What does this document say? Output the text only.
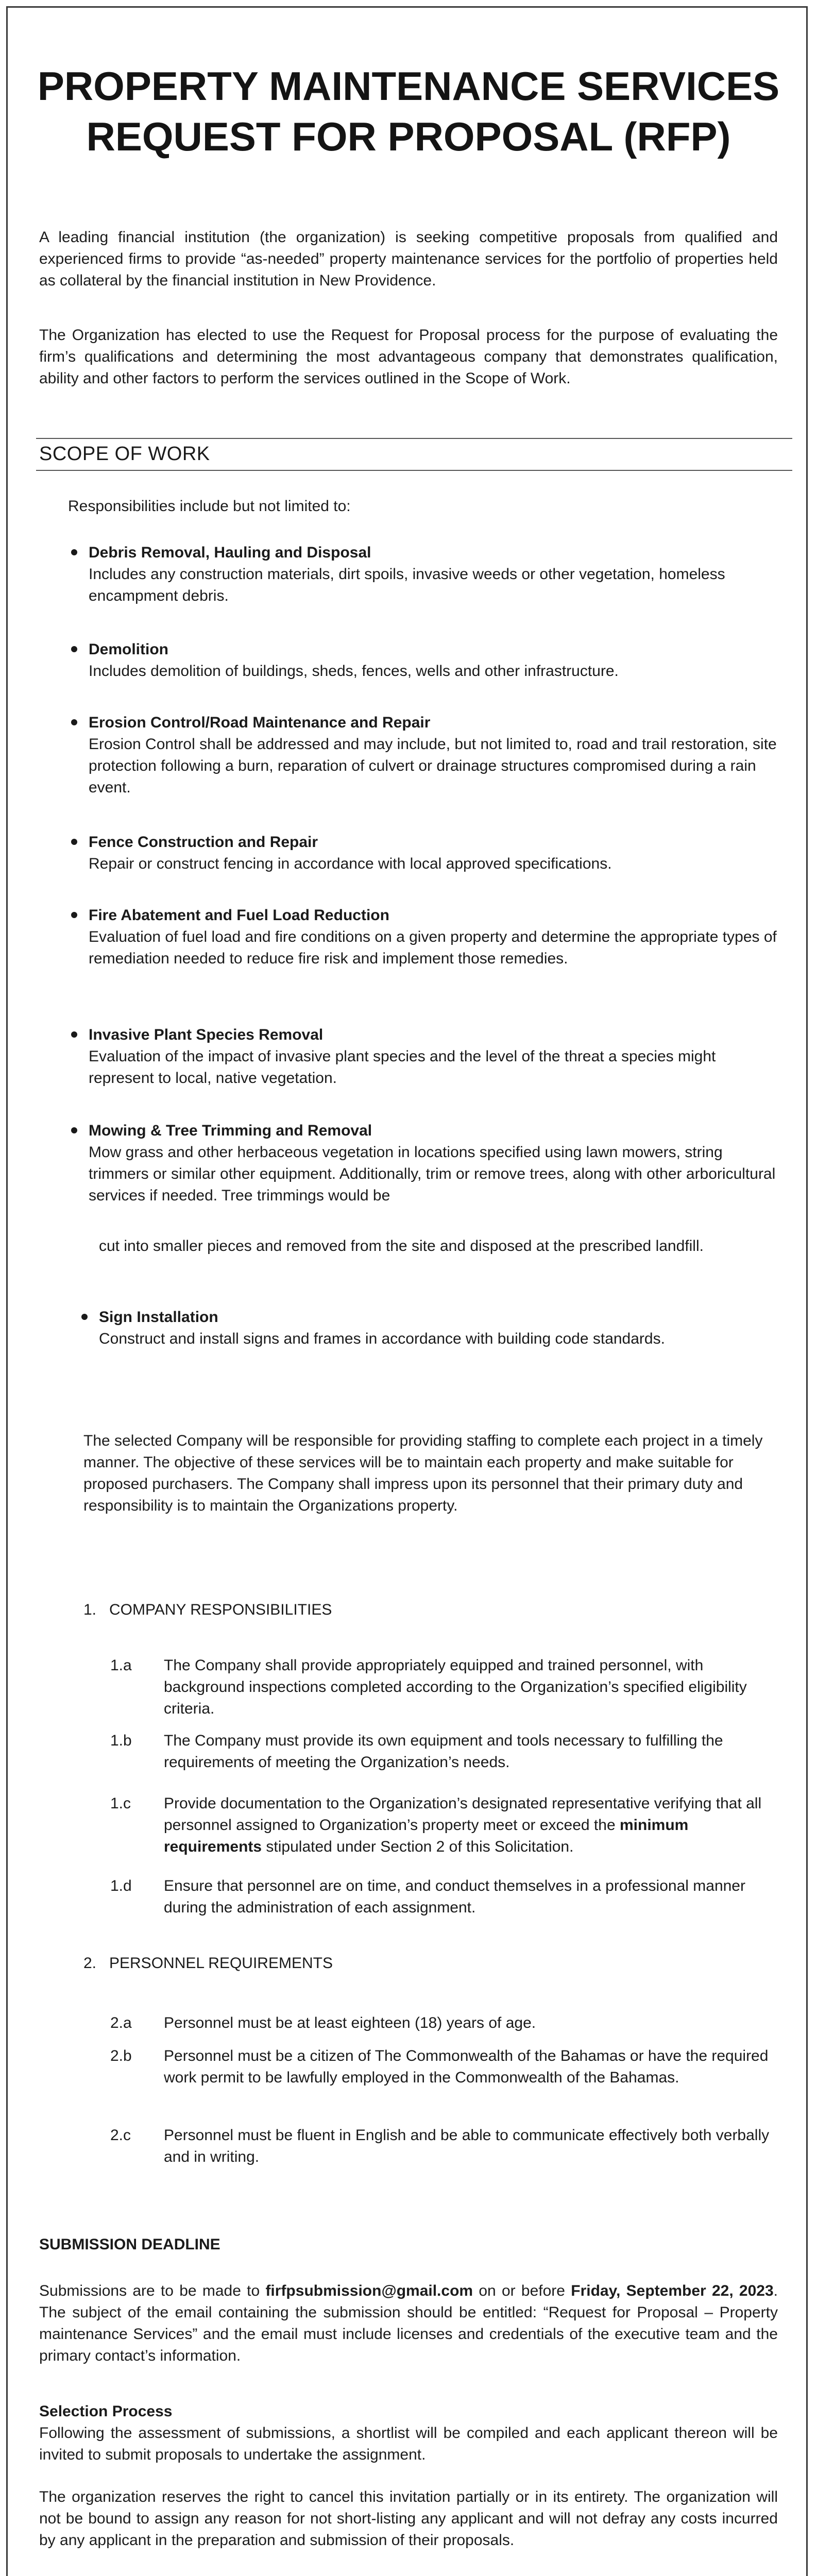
PROPERTY MAINTENANCE SERVICES
REQUEST FOR PROPOSAL (RFP)

A leading financial institution (the organization) is seeking competitive proposals from qualified and experienced firms to provide “as-needed” property maintenance services for the portfolio of properties held as collateral by the financial institution in New Providence.

The Organization has elected to use the Request for Proposal process for the purpose of evaluating the firm’s qualifications and determining the most advantageous company that demonstrates qualification, ability and other factors to perform the services outlined in the Scope of Work.

SCOPE OF WORK

Responsibilities include but not limited to:

Debris Removal, Hauling and Disposal
Includes any construction materials, dirt spoils, invasive weeds or other vegetation, homeless encampment debris.
Demolition
Includes demolition of buildings, sheds, fences, wells and other infrastructure.
Erosion Control/Road Maintenance and Repair
Erosion Control shall be addressed and may include, but not limited to, road and trail restoration, site protection following a burn, reparation of culvert or drainage structures compromised during a rain event.
Fence Construction and Repair
Repair or construct fencing in accordance with local approved specifications.
Fire Abatement and Fuel Load Reduction
Evaluation of fuel load and fire conditions on a given property and determine the appropriate types of remediation needed to reduce fire risk and implement those remedies.
Invasive Plant Species Removal
Evaluation of the impact of invasive plant species and the level of the threat a species might represent to local, native vegetation.
Mowing & Tree Trimming and Removal
Mow grass and other herbaceous vegetation in locations specified using lawn mowers, string trimmers or similar other equipment. Additionally, trim or remove trees, along with other arboricultural services if needed. Tree trimmings would be
cut into smaller pieces and removed from the site and disposed at the prescribed landfill.
Sign Installation
Construct and install signs and frames in accordance with building code standards.

The selected Company will be responsible for providing staffing to complete each project in a timely manner. The objective of these services will be to maintain each property and make suitable for proposed purchasers. The Company shall impress upon its personnel that their primary duty and responsibility is to maintain the Organizations property.

1. COMPANY RESPONSIBILITIES

1.a The Company shall provide appropriately equipped and trained personnel, with background inspections completed according to the Organization’s specified eligibility criteria.
1.b The Company must provide its own equipment and tools necessary to fulfilling the requirements of meeting the Organization’s needs.
1.c Provide documentation to the Organization’s designated representative verifying that all personnel assigned to Organization’s property meet or exceed the minimum requirements stipulated under Section 2 of this Solicitation.
1.d Ensure that personnel are on time, and conduct themselves in a professional manner during the administration of each assignment.

2. PERSONNEL REQUIREMENTS

2.a Personnel must be at least eighteen (18) years of age.
2.b Personnel must be a citizen of The Commonwealth of the Bahamas or have the required work permit to be lawfully employed in the Commonwealth of the Bahamas.
2.c Personnel must be fluent in English and be able to communicate effectively both verbally and in writing.

SUBMISSION DEADLINE

Submissions are to be made to firfpsubmission@gmail.com on or before Friday, September 22, 2023. The subject of the email containing the submission should be entitled: “Request for Proposal – Property maintenance Services” and the email must include licenses and credentials of the executive team and the primary contact’s information.

Selection Process

Following the assessment of submissions, a shortlist will be compiled and each applicant thereon will be invited to submit proposals to undertake the assignment.

The organization reserves the right to cancel this invitation partially or in its entirety. The organization will not be bound to assign any reason for not short-listing any applicant and will not defray any costs incurred by any applicant in the preparation and submission of their proposals.
